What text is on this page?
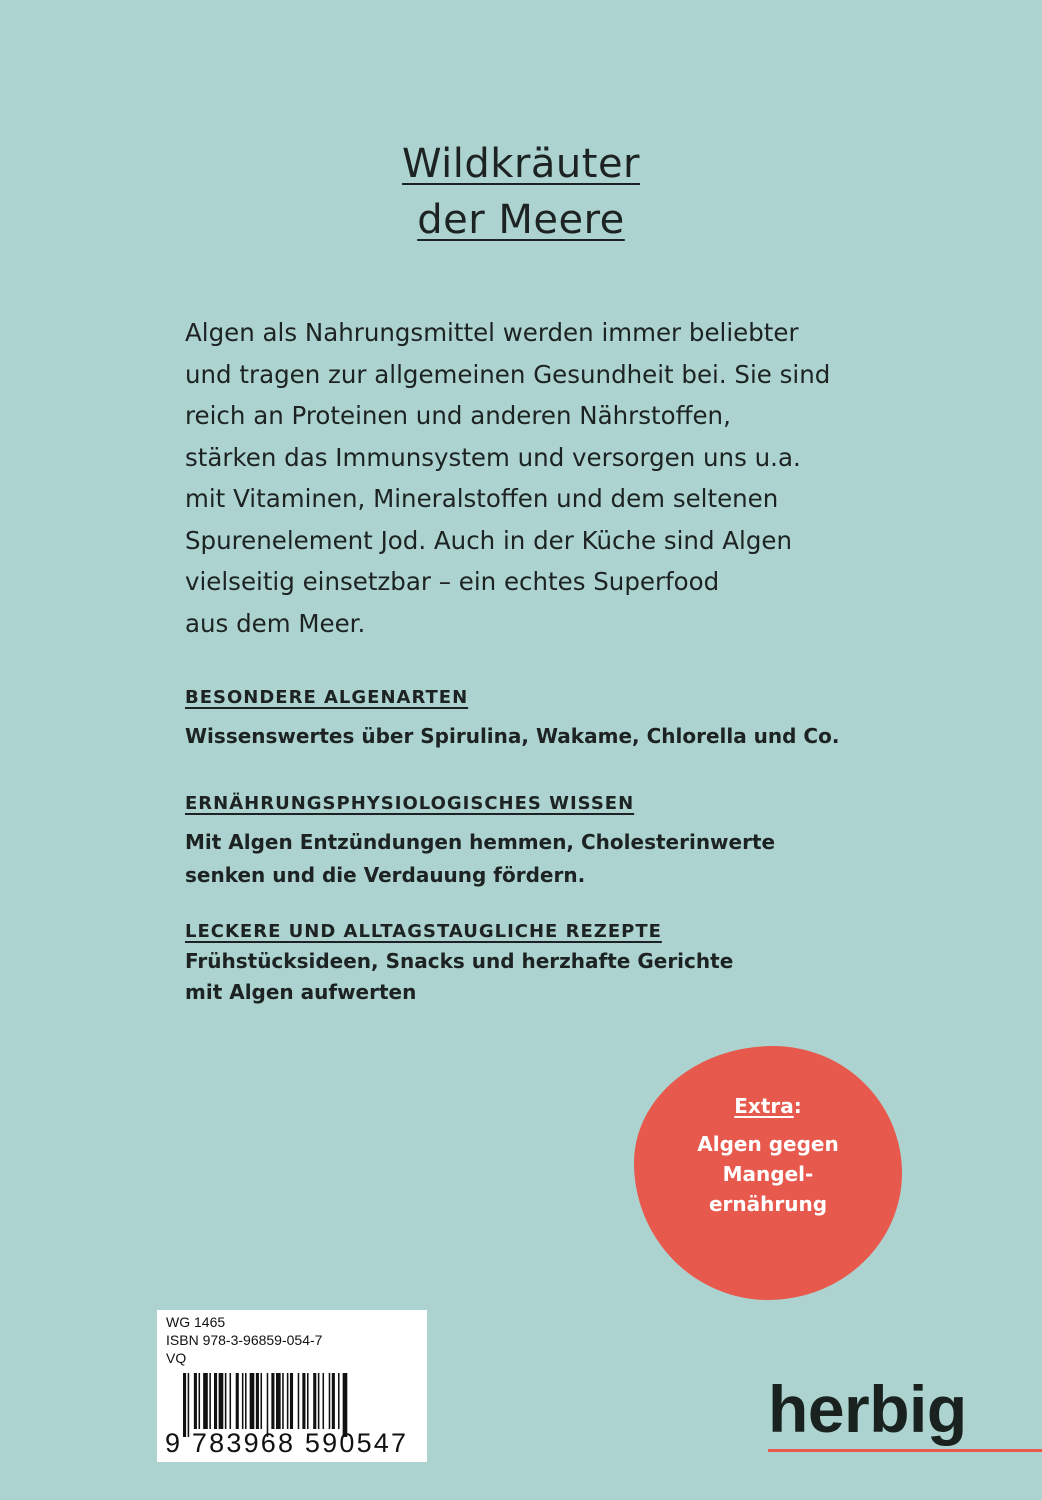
Wildkräuter
der Meere

Algen als Nahrungsmittel werden immer beliebter
und tragen zur allgemeinen Gesundheit bei. Sie sind
reich an Proteinen und anderen Nährstoffen,
stärken das Immunsystem und versorgen uns u.a.
mit Vitaminen, Mineralstoffen und dem seltenen
Spurenelement Jod. Auch in der Küche sind Algen
vielseitig einsetzbar – ein echtes Superfood
aus dem Meer.

BESONDERE ALGENARTEN
Wissenswertes über Spirulina, Wakame, Chlorella und Co.
ERNÄHRUNGSPHYSIOLOGISCHES WISSEN
Mit Algen Entzündungen hemmen, Cholesterinwerte
senken und die Verdauung fördern.
LECKERE UND ALLTAGSTAUGLICHE REZEPTE
Frühstücksideen, Snacks und herzhafte Gerichte
mit Algen aufwerten
Extra:
Algen gegen
Mangel-
ernährung
WG 1465
ISBN 978-3-96859-054-7
VQ
9 783968 590547	herbig
